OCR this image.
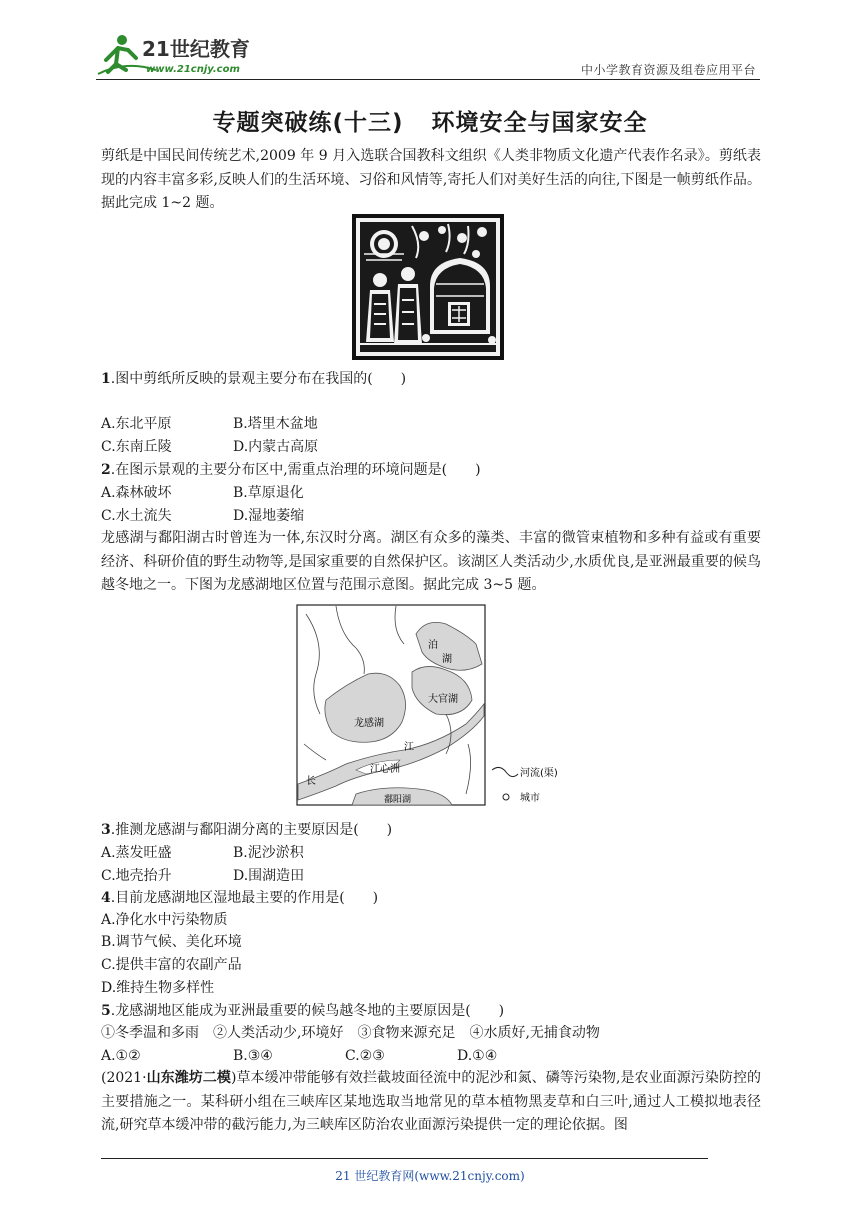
21世纪教育
www.21cnjy.com	中小学教育资源及组卷应用平台
专题突破练(十三) 环境安全与国家安全
剪纸是中国民间传统艺术,2009 年 9 月入选联合国教科文组织《人类非物质文化遗产代表作名录》。剪纸表现的内容丰富多彩,反映人们的生活环境、习俗和风情等,寄托人们对美好生活的向往,下图是一帧剪纸作品。据此完成 1~2 题。
1.图中剪纸所反映的景观主要分布在我国的(　　)
A.东北平原	B.塔里木盆地
C.东南丘陵	D.内蒙古高原
2.在图示景观的主要分布区中,需重点治理的环境问题是(　　)
A.森林破坏	B.草原退化
C.水土流失	D.湿地萎缩
龙感湖与鄱阳湖古时曾连为一体,东汉时分离。湖区有众多的藻类、丰富的微管束植物和多种有益或有重要经济、科研价值的野生动物等,是国家重要的自然保护区。该湖区人类活动少,水质优良,是亚洲最重要的候鸟越冬地之一。下图为龙感湖地区位置与范围示意图。据此完成 3~5 题。
泊
湖
大官湖
龙感湖
江
江心洲
长
鄱阳湖
河流(渠)
城市
3.推测龙感湖与鄱阳湖分离的主要原因是(　　)
A.蒸发旺盛	B.泥沙淤积
C.地壳抬升	D.围湖造田
4.目前龙感湖地区湿地最主要的作用是(　　)
A.净化水中污染物质
B.调节气候、美化环境
C.提供丰富的农副产品
D.维持生物多样性
5.龙感湖地区能成为亚洲最重要的候鸟越冬地的主要原因是(　　)
①冬季温和多雨　②人类活动少,环境好　③食物来源充足　④水质好,无捕食动物
A.①②	B.③④	C.②③	D.①④
(2021·山东潍坊二模)草本缓冲带能够有效拦截坡面径流中的泥沙和氮、磷等污染物,是农业面源污染防控的主要措施之一。某科研小组在三峡库区某地选取当地常见的草本植物黑麦草和白三叶,通过人工模拟地表径流,研究草本缓冲带的截污能力,为三峡库区防治农业面源污染提供一定的理论依据。图
21 世纪教育网(www.21cnjy.com)
